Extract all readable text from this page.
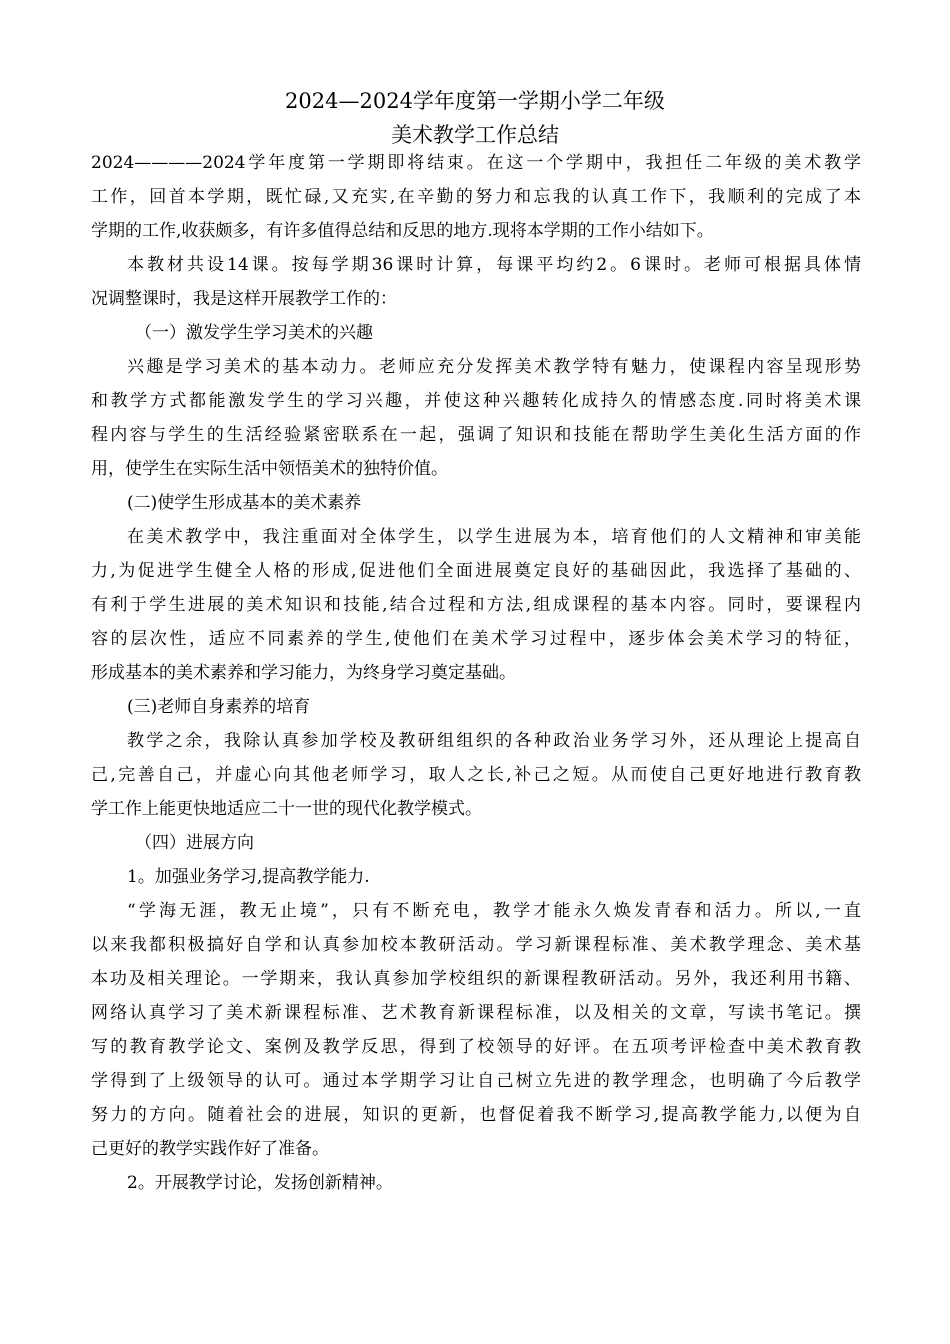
2024—2024学年度第一学期小学二年级
美术教学工作总结
2024————2024学年度第一学期即将结束。在这一个学期中，我担任二年级的美术教学
工作，回首本学期，既忙碌,又充实,在辛勤的努力和忘我的认真工作下，我顺利的完成了本
学期的工作,收获颇多，有许多值得总结和反思的地方.现将本学期的工作小结如下。
本教材共设14课。按每学期36课时计算，每课平均约2。6课时。老师可根据具体情
况调整课时，我是这样开展教学工作的：
（一）激发学生学习美术的兴趣
兴趣是学习美术的基本动力。老师应充分发挥美术教学特有魅力，使课程内容呈现形势
和教学方式都能激发学生的学习兴趣，并使这种兴趣转化成持久的情感态度.同时将美术课
程内容与学生的生活经验紧密联系在一起，强调了知识和技能在帮助学生美化生活方面的作
用，使学生在实际生活中领悟美术的独特价值。
(二)使学生形成基本的美术素养
在美术教学中，我注重面对全体学生，以学生进展为本，培育他们的人文精神和审美能
力,为促进学生健全人格的形成,促进他们全面进展奠定良好的基础因此，我选择了基础的、
有利于学生进展的美术知识和技能,结合过程和方法,组成课程的基本内容。同时，要课程内
容的层次性，适应不同素养的学生,使他们在美术学习过程中，逐步体会美术学习的特征，
形成基本的美术素养和学习能力，为终身学习奠定基础。
(三)老师自身素养的培育
教学之余，我除认真参加学校及教研组组织的各种政治业务学习外，还从理论上提高自
己,完善自己，并虚心向其他老师学习，取人之长,补己之短。从而使自己更好地进行教育教
学工作上能更快地适应二十一世的现代化教学模式。
（四）进展方向
1。加强业务学习,提高教学能力.
“学海无涯，教无止境”，只有不断充电，教学才能永久焕发青春和活力。所以,一直
以来我都积极搞好自学和认真参加校本教研活动。学习新课程标准、美术教学理念、美术基
本功及相关理论。一学期来，我认真参加学校组织的新课程教研活动。另外，我还利用书籍、
网络认真学习了美术新课程标准、艺术教育新课程标准，以及相关的文章，写读书笔记。撰
写的教育教学论文、案例及教学反思，得到了校领导的好评。在五项考评检查中美术教育教
学得到了上级领导的认可。通过本学期学习让自己树立先进的教学理念，也明确了今后教学
努力的方向。随着社会的进展，知识的更新，也督促着我不断学习,提高教学能力,以便为自
己更好的教学实践作好了准备。
2。开展教学讨论，发扬创新精神。
